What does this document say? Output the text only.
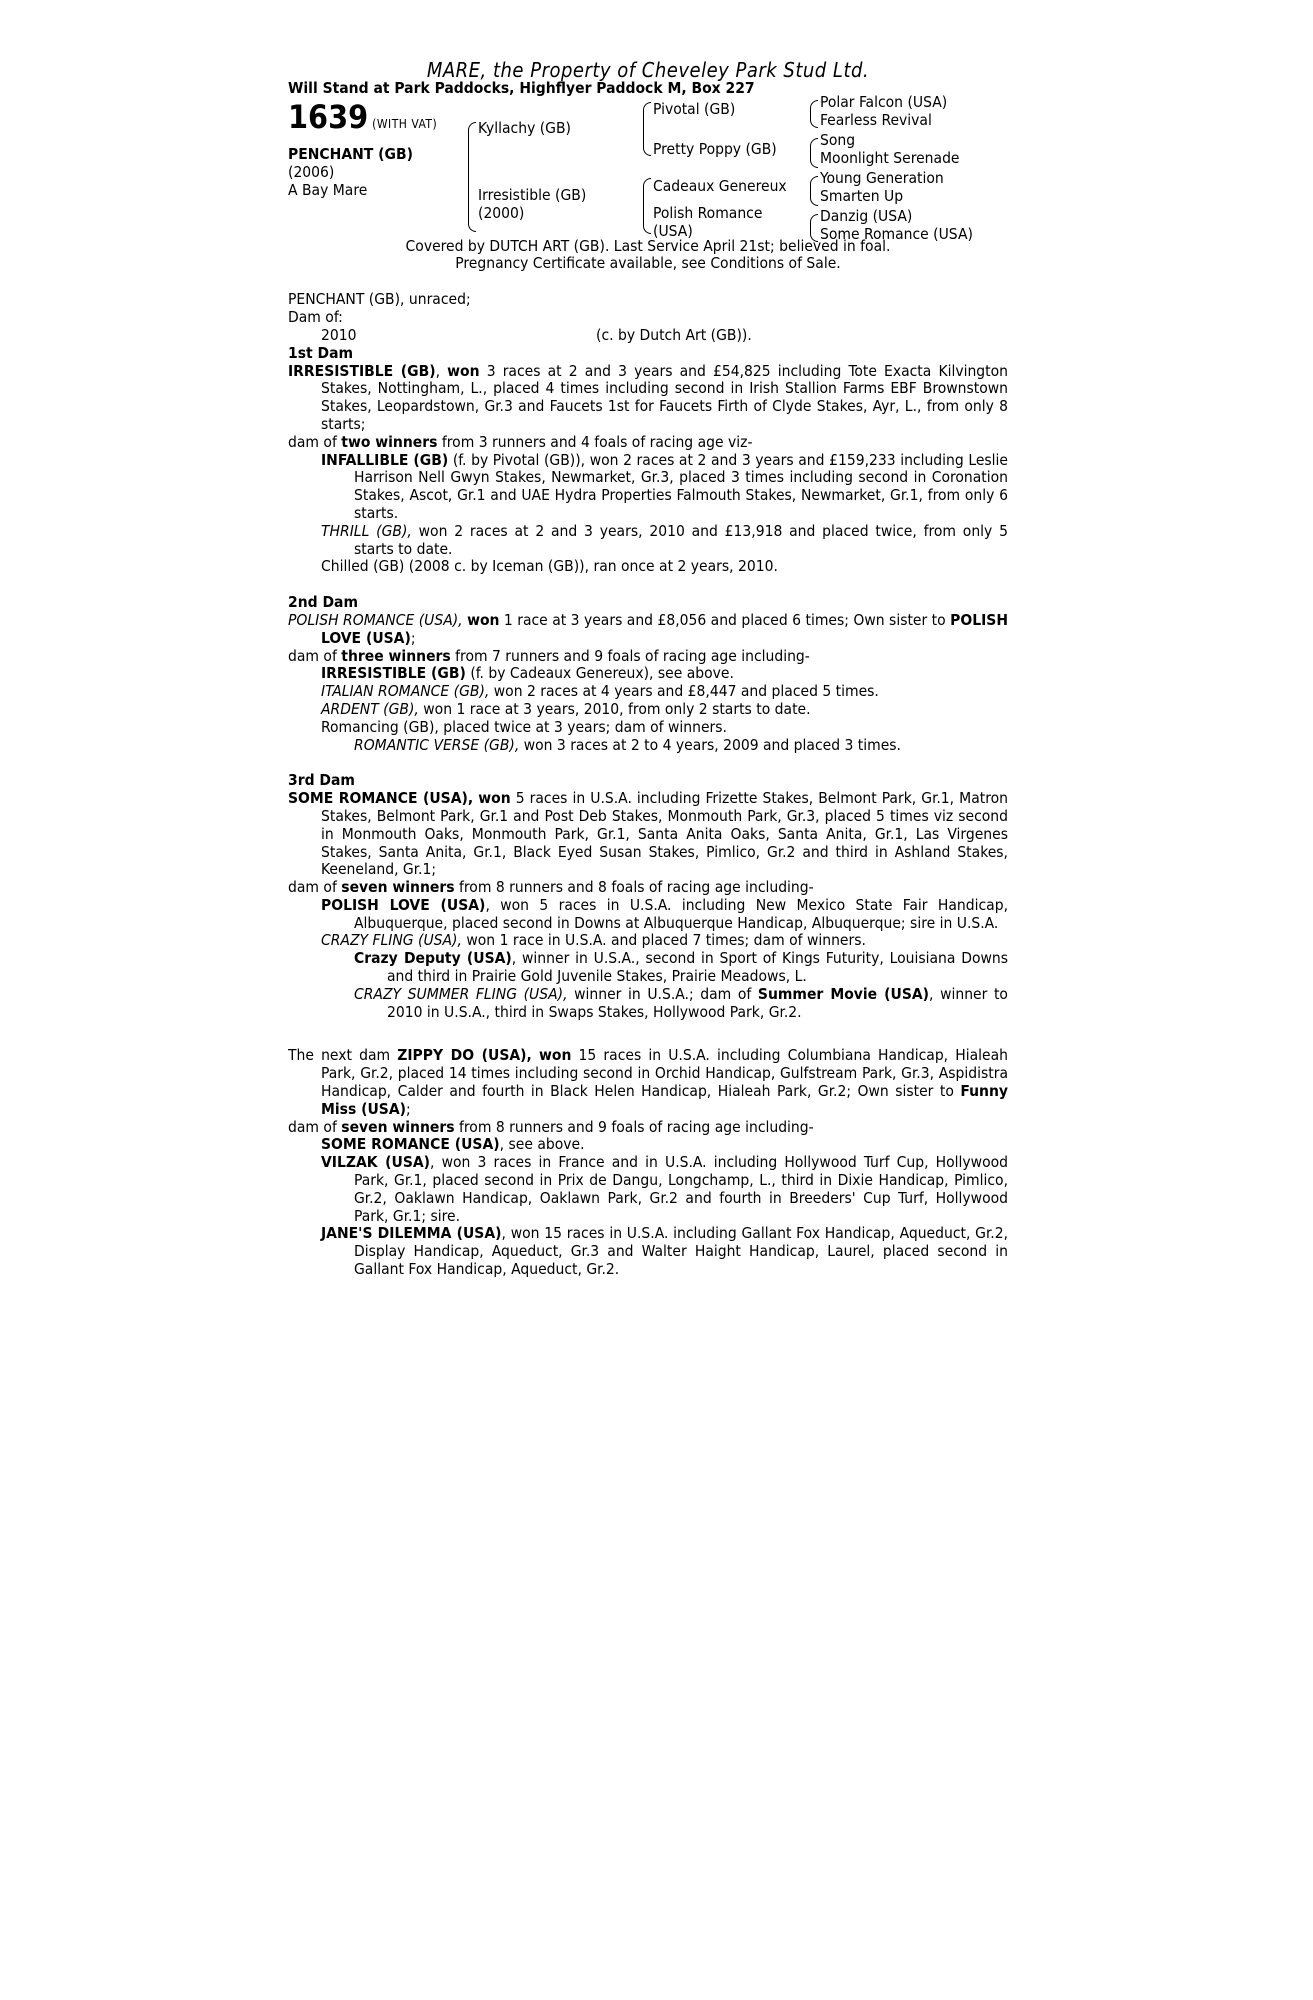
MARE, the Property of Cheveley Park Stud Ltd.

Will Stand at Park Paddocks, Highflyer Paddock M, Box 227

1639 (WITH VAT)
PENCHANT (GB)
(2006)
A Bay Mare
Kyllachy (GB)
Irresistible (GB)
(2000)
Pivotal (GB)
Pretty Poppy (GB)
Cadeaux Genereux
Polish Romance
(USA)
Polar Falcon (USA)
Fearless Revival
Song
Moonlight Serenade
Young Generation
Smarten Up
Danzig (USA)
Some Romance (USA)

Covered by DUTCH ART (GB). Last Service April 21st; believed in foal.

Pregnancy Certificate available, see Conditions of Sale.

PENCHANT (GB), unraced;

Dam of:

2010	(c. by Dutch Art (GB)).

1st Dam

IRRESISTIBLE (GB), won 3 races at 2 and 3 years and £54,825 including Tote Exacta Kilvington Stakes, Nottingham, L., placed 4 times including second in Irish Stallion Farms EBF Brownstown Stakes, Leopardstown, Gr.3 and Faucets 1st for Faucets Firth of Clyde Stakes, Ayr, L., from only 8 starts;

dam of two winners from 3 runners and 4 foals of racing age viz-

INFALLIBLE (GB) (f. by Pivotal (GB)), won 2 races at 2 and 3 years and £159,233 including Leslie Harrison Nell Gwyn Stakes, Newmarket, Gr.3, placed 3 times including second in Coronation Stakes, Ascot, Gr.1 and UAE Hydra Properties Falmouth Stakes, Newmarket, Gr.1, from only 6 starts.

THRILL (GB), won 2 races at 2 and 3 years, 2010 and £13,918 and placed twice, from only 5 starts to date.

Chilled (GB) (2008 c. by Iceman (GB)), ran once at 2 years, 2010.

2nd Dam

POLISH ROMANCE (USA), won 1 race at 3 years and £8,056 and placed 6 times; Own sister to POLISH LOVE (USA);

dam of three winners from 7 runners and 9 foals of racing age including-

IRRESISTIBLE (GB) (f. by Cadeaux Genereux), see above.

ITALIAN ROMANCE (GB), won 2 races at 4 years and £8,447 and placed 5 times.

ARDENT (GB), won 1 race at 3 years, 2010, from only 2 starts to date.

Romancing (GB), placed twice at 3 years; dam of winners.

ROMANTIC VERSE (GB), won 3 races at 2 to 4 years, 2009 and placed 3 times.

3rd Dam

SOME ROMANCE (USA), won 5 races in U.S.A. including Frizette Stakes, Belmont Park, Gr.1, Matron Stakes, Belmont Park, Gr.1 and Post Deb Stakes, Monmouth Park, Gr.3, placed 5 times viz second in Monmouth Oaks, Monmouth Park, Gr.1, Santa Anita Oaks, Santa Anita, Gr.1, Las Virgenes Stakes, Santa Anita, Gr.1, Black Eyed Susan Stakes, Pimlico, Gr.2 and third in Ashland Stakes, Keeneland, Gr.1;

dam of seven winners from 8 runners and 8 foals of racing age including-

POLISH LOVE (USA), won 5 races in U.S.A. including New Mexico State Fair Handicap, Albuquerque, placed second in Downs at Albuquerque Handicap, Albuquerque; sire in U.S.A.

CRAZY FLING (USA), won 1 race in U.S.A. and placed 7 times; dam of winners.

Crazy Deputy (USA), winner in U.S.A., second in Sport of Kings Futurity, Louisiana Downs and third in Prairie Gold Juvenile Stakes, Prairie Meadows, L.

CRAZY SUMMER FLING (USA), winner in U.S.A.; dam of Summer Movie (USA), winner to 2010 in U.S.A., third in Swaps Stakes, Hollywood Park, Gr.2.

The next dam ZIPPY DO (USA), won 15 races in U.S.A. including Columbiana Handicap, Hialeah Park, Gr.2, placed 14 times including second in Orchid Handicap, Gulfstream Park, Gr.3, Aspidistra Handicap, Calder and fourth in Black Helen Handicap, Hialeah Park, Gr.2; Own sister to Funny Miss (USA);

dam of seven winners from 8 runners and 9 foals of racing age including-

SOME ROMANCE (USA), see above.

VILZAK (USA), won 3 races in France and in U.S.A. including Hollywood Turf Cup, Hollywood Park, Gr.1, placed second in Prix de Dangu, Longchamp, L., third in Dixie Handicap, Pimlico, Gr.2, Oaklawn Handicap, Oaklawn Park, Gr.2 and fourth in Breeders' Cup Turf, Hollywood Park, Gr.1; sire.

JANE'S DILEMMA (USA), won 15 races in U.S.A. including Gallant Fox Handicap, Aqueduct, Gr.2, Display Handicap, Aqueduct, Gr.3 and Walter Haight Handicap, Laurel, placed second in Gallant Fox Handicap, Aqueduct, Gr.2.
